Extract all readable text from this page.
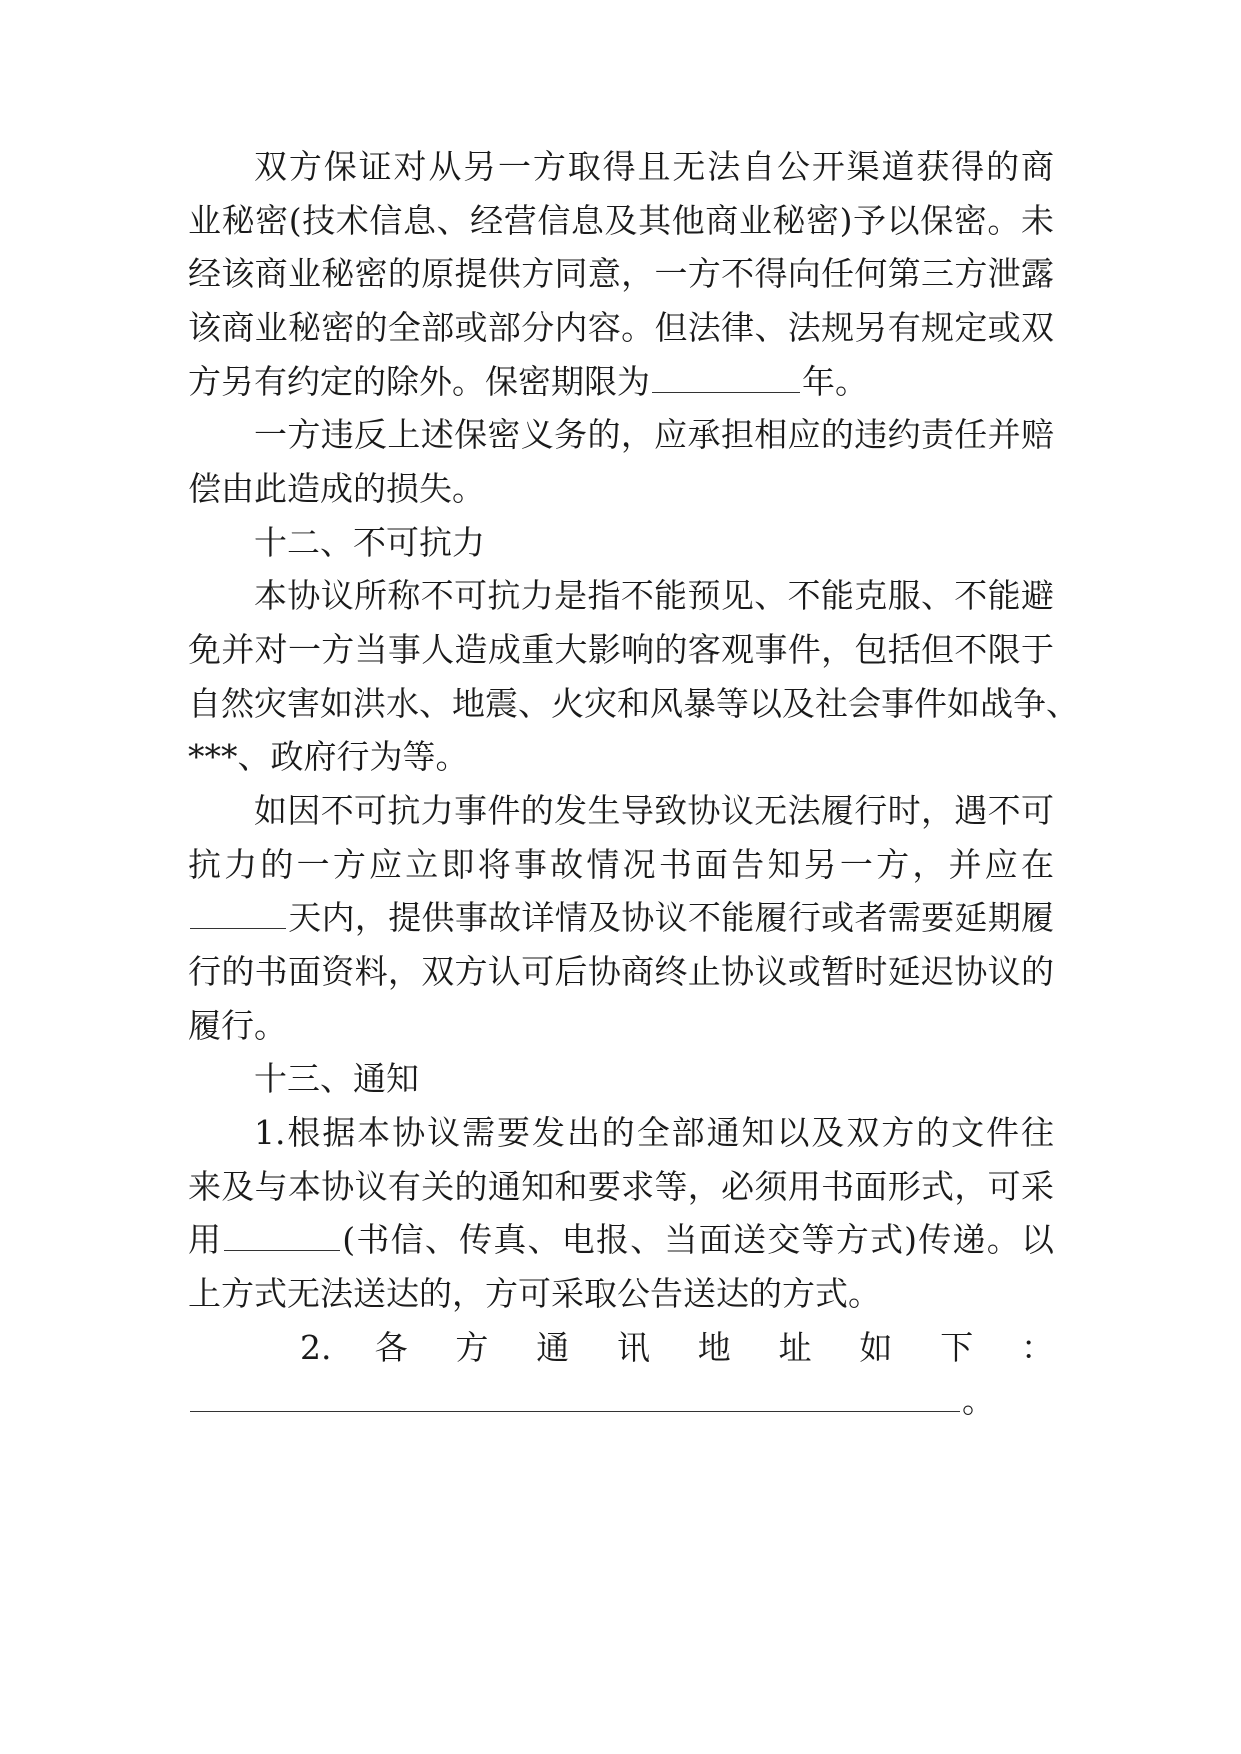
双方保证对从另一方取得且无法自公开渠道获得的商
业秘密(技术信息、经营信息及其他商业秘密)予以保密。未
经该商业秘密的原提供方同意，一方不得向任何第三方泄露
该商业秘密的全部或部分内容。但法律、法规另有规定或双
方另有约定的除外。保密期限为	年。
一方违反上述保密义务的，应承担相应的违约责任并赔
偿由此造成的损失。
十二、不可抗力
本协议所称不可抗力是指不能预见、不能克服、不能避
免并对一方当事人造成重大影响的客观事件，包括但不限于
自然灾害如洪水、地震、火灾和风暴等以及社会事件如战争、
***、政府行为等。
如因不可抗力事件的发生导致协议无法履行时，遇不可
抗力的一方应立即将事故情况书面告知另一方，并应在
天内，提供事故详情及协议不能履行或者需要延期履
行的书面资料，双方认可后协商终止协议或暂时延迟协议的
履行。
十三、通知
1.根据本协议需要发出的全部通知以及双方的文件往
来及与本协议有关的通知和要求等，必须用书面形式，可采
用	(书信、传真、电报、当面送交等方式)传递。以
上方式无法送达的，方可采取公告送达的方式。
2. 各 方 通 讯 地 址 如 下 ：
。
